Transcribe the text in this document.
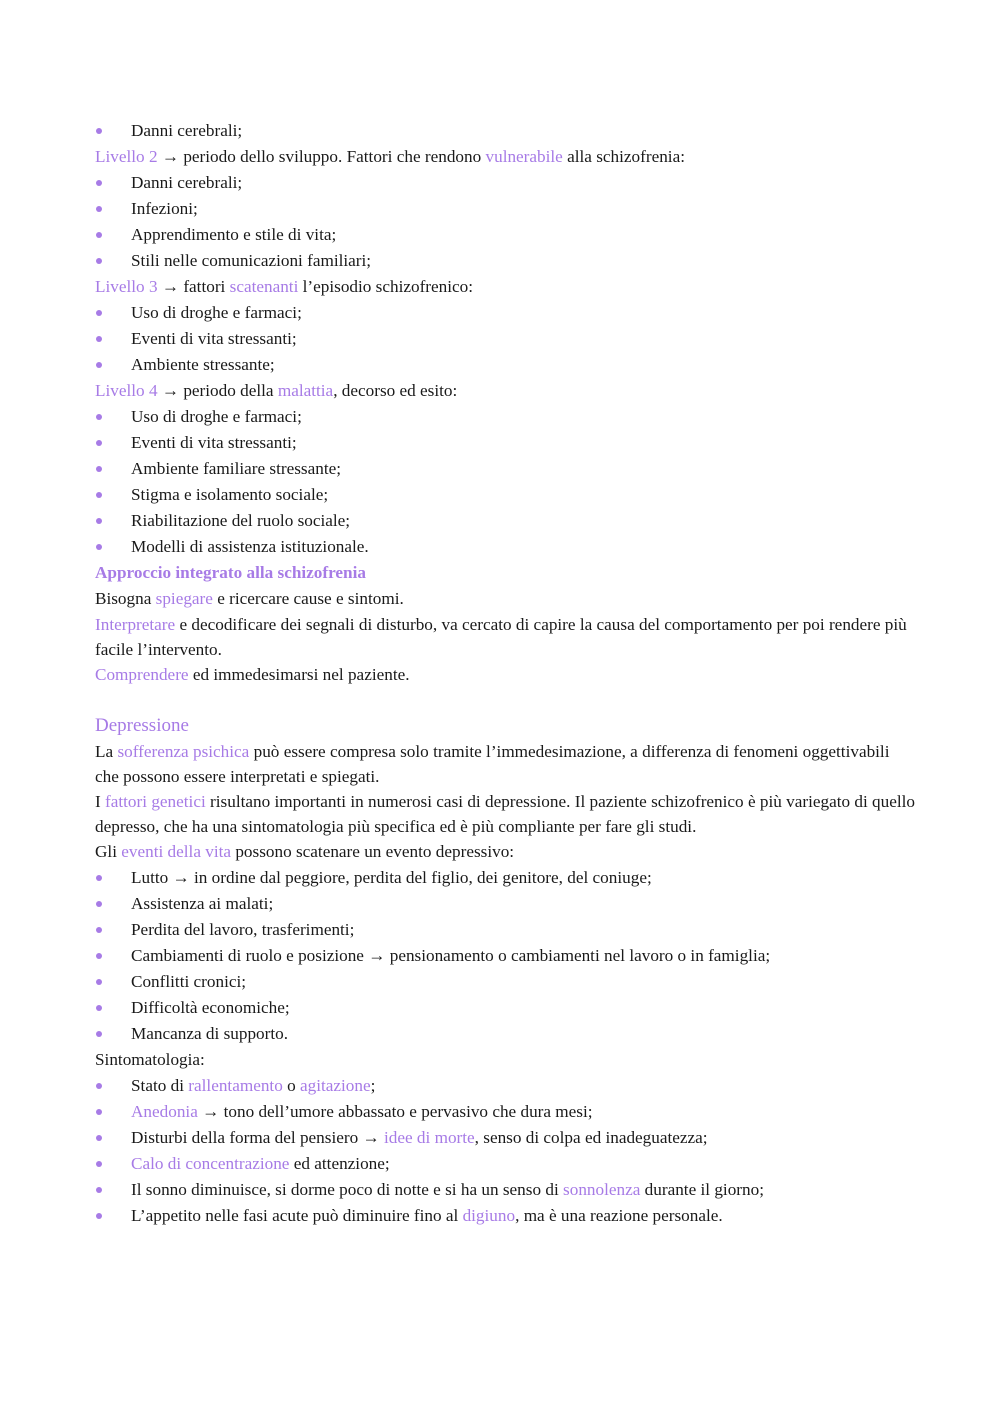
Danni cerebrali;
Livello 2 → periodo dello sviluppo. Fattori che rendono vulnerabile alla schizofrenia:
Danni cerebrali;
Infezioni;
Apprendimento e stile di vita;
Stili nelle comunicazioni familiari;
Livello 3 → fattori scatenanti l’episodio schizofrenico:
Uso di droghe e farmaci;
Eventi di vita stressanti;
Ambiente stressante;
Livello 4 → periodo della malattia, decorso ed esito:
Uso di droghe e farmaci;
Eventi di vita stressanti;
Ambiente familiare stressante;
Stigma e isolamento sociale;
Riabilitazione del ruolo sociale;
Modelli di assistenza istituzionale.
Approccio integrato alla schizofrenia
Bisogna spiegare e ricercare cause e sintomi.
Interpretare e decodificare dei segnali di disturbo, va cercato di capire la causa del comportamento per poi rendere più facile l’intervento.
Comprendere ed immedesimarsi nel paziente.
Depressione
La sofferenza psichica può essere compresa solo tramite l’immedesimazione, a differenza di fenomeni oggettivabili che possono essere interpretati e spiegati.
I fattori genetici risultano importanti in numerosi casi di depressione. Il paziente schizofrenico è più variegato di quello depresso, che ha una sintomatologia più specifica ed è più compliante per fare gli studi.
Gli eventi della vita possono scatenare un evento depressivo:
Lutto → in ordine dal peggiore, perdita del figlio, dei genitore, del coniuge;
Assistenza ai malati;
Perdita del lavoro, trasferimenti;
Cambiamenti di ruolo e posizione → pensionamento o cambiamenti nel lavoro o in famiglia;
Conflitti cronici;
Difficoltà economiche;
Mancanza di supporto.
Sintomatologia:
Stato di rallentamento o agitazione;
Anedonia → tono dell’umore abbassato e pervasivo che dura mesi;
Disturbi della forma del pensiero → idee di morte, senso di colpa ed inadeguatezza;
Calo di concentrazione ed attenzione;
Il sonno diminuisce, si dorme poco di notte e si ha un senso di sonnolenza durante il giorno;
L’appetito nelle fasi acute può diminuire fino al digiuno, ma è una reazione personale.
